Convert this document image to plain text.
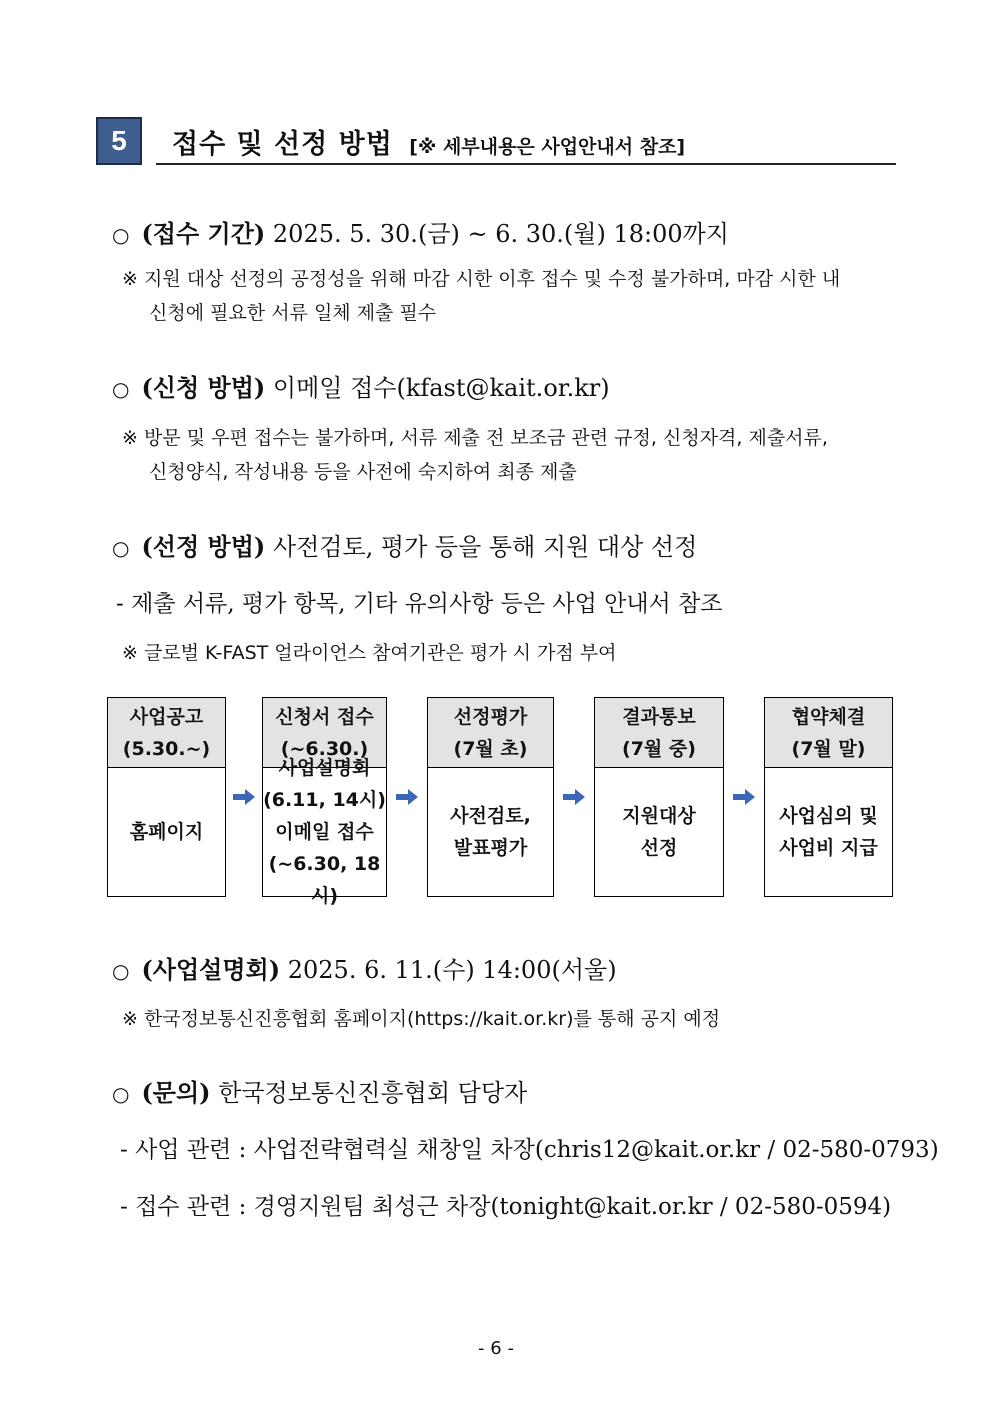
5	접수 및 선정 방법 [※ 세부내용은 사업안내서 참조]
○ (접수 기간) 2025. 5. 30.(금) ~ 6. 30.(월) 18:00까지
※ 지원 대상 선정의 공정성을 위해 마감 시한 이후 접수 및 수정 불가하며, 마감 시한 내
신청에 필요한 서류 일체 제출 필수
○ (신청 방법) 이메일 접수(kfast@kait.or.kr)
※ 방문 및 우편 접수는 불가하며, 서류 제출 전 보조금 관련 규정, 신청자격, 제출서류,
신청양식, 작성내용 등을 사전에 숙지하여 최종 제출
○ (선정 방법) 사전검토, 평가 등을 통해 지원 대상 선정
- 제출 서류, 평가 항목, 기타 유의사항 등은 사업 안내서 참조
※ 글로벌 K-FAST 얼라이언스 참여기관은 평가 시 가점 부여
사업공고
(5.30.~)
홈페이지
신청서 접수
(~6.30.)
사업설명회
(6.11, 14시)
이메일 접수
(~6.30, 18시)
선정평가
(7월 초)
사전검토,
발표평가
결과통보
(7월 중)
지원대상
선정
협약체결
(7월 말)
사업심의 및
사업비 지급
○ (사업설명회) 2025. 6. 11.(수) 14:00(서울)
※ 한국정보통신진흥협회 홈페이지(https://kait.or.kr)를 통해 공지 예정
○ (문의) 한국정보통신진흥협회 담당자
- 사업 관련 : 사업전략협력실 채창일 차장(chris12@kait.or.kr / 02-580-0793)
- 접수 관련 : 경영지원팀 최성근 차장(tonight@kait.or.kr / 02-580-0594)
- 6 -
